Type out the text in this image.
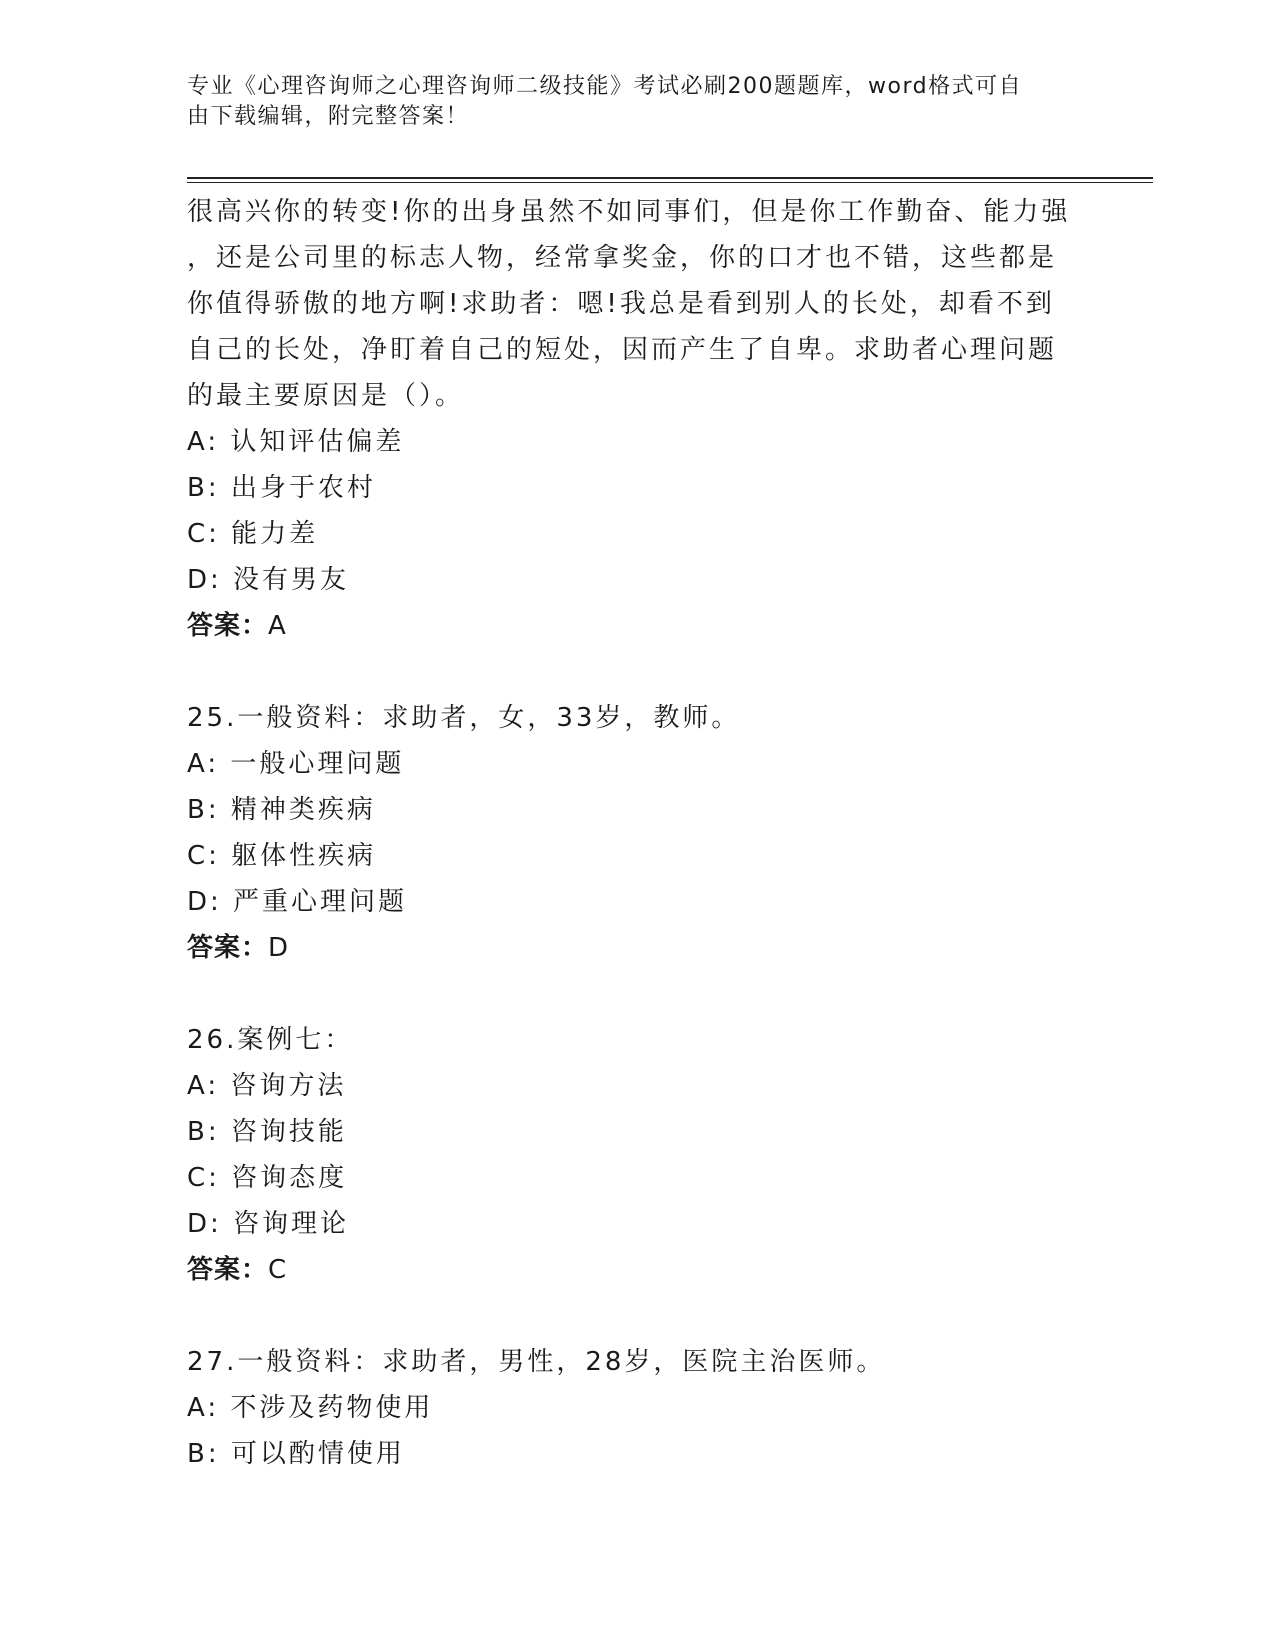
专业《心理咨询师之心理咨询师二级技能》考试必刷200题题库，word格式可自
由下载编辑，附完整答案！
很高兴你的转变!你的出身虽然不如同事们，但是你工作勤奋、能力强
，还是公司里的标志人物，经常拿奖金，你的口才也不错，这些都是
你值得骄傲的地方啊!求助者：嗯!我总是看到别人的长处，却看不到
自己的长处，净盯着自己的短处，因而产生了自卑。求助者心理问题
的最主要原因是（）。
A: 认知评估偏差
B: 出身于农村
C: 能力差
D: 没有男友
答案：A
25.一般资料：求助者，女，33岁，教师。
A: 一般心理问题
B: 精神类疾病
C: 躯体性疾病
D: 严重心理问题
答案：D
26.案例七：
A: 咨询方法
B: 咨询技能
C: 咨询态度
D: 咨询理论
答案：C
27.一般资料：求助者，男性，28岁，医院主治医师。
A: 不涉及药物使用
B: 可以酌情使用
